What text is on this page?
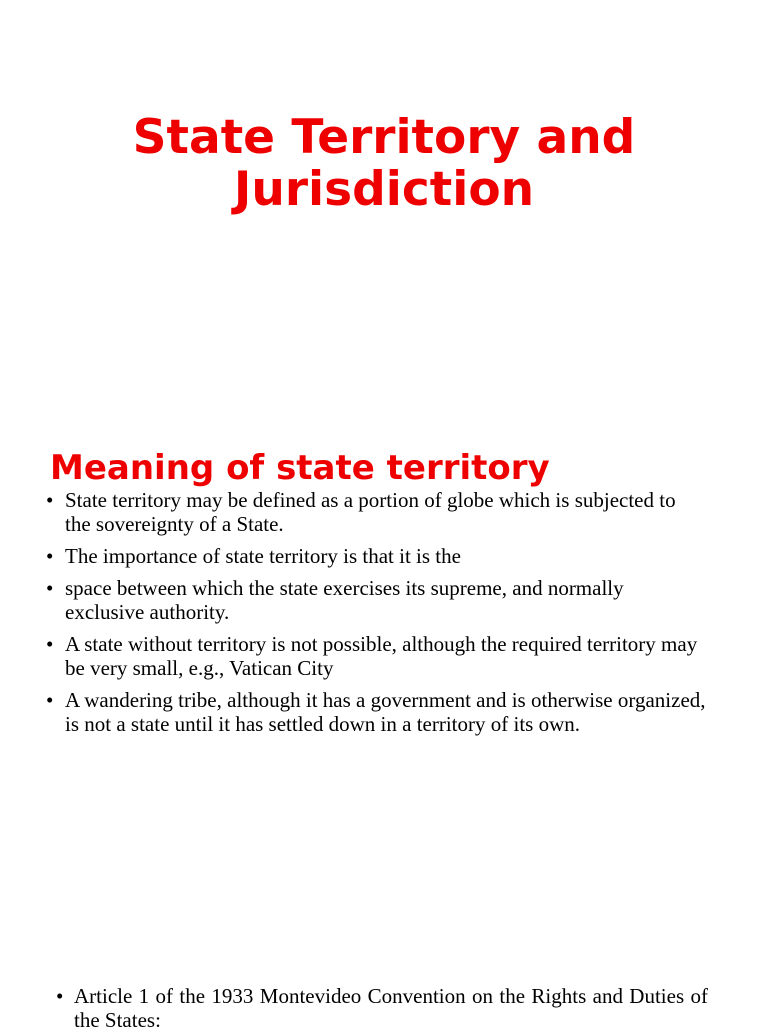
State Territory and Jurisdiction
Meaning of state territory
• State territory may be defined as a portion of globe which is subjected to the sovereignty of a State.
• The importance of state territory is that it is the
• space between which the state exercises its supreme, and normally exclusive authority.
• A state without territory is not possible, although the required territory may be very small, e.g., Vatican City
• A wandering tribe, although it has a government and is otherwise organized, is not a state until it has settled down in a territory of its own.
• Article 1 of the 1933 Montevideo Convention on the Rights and Duties of the States:
